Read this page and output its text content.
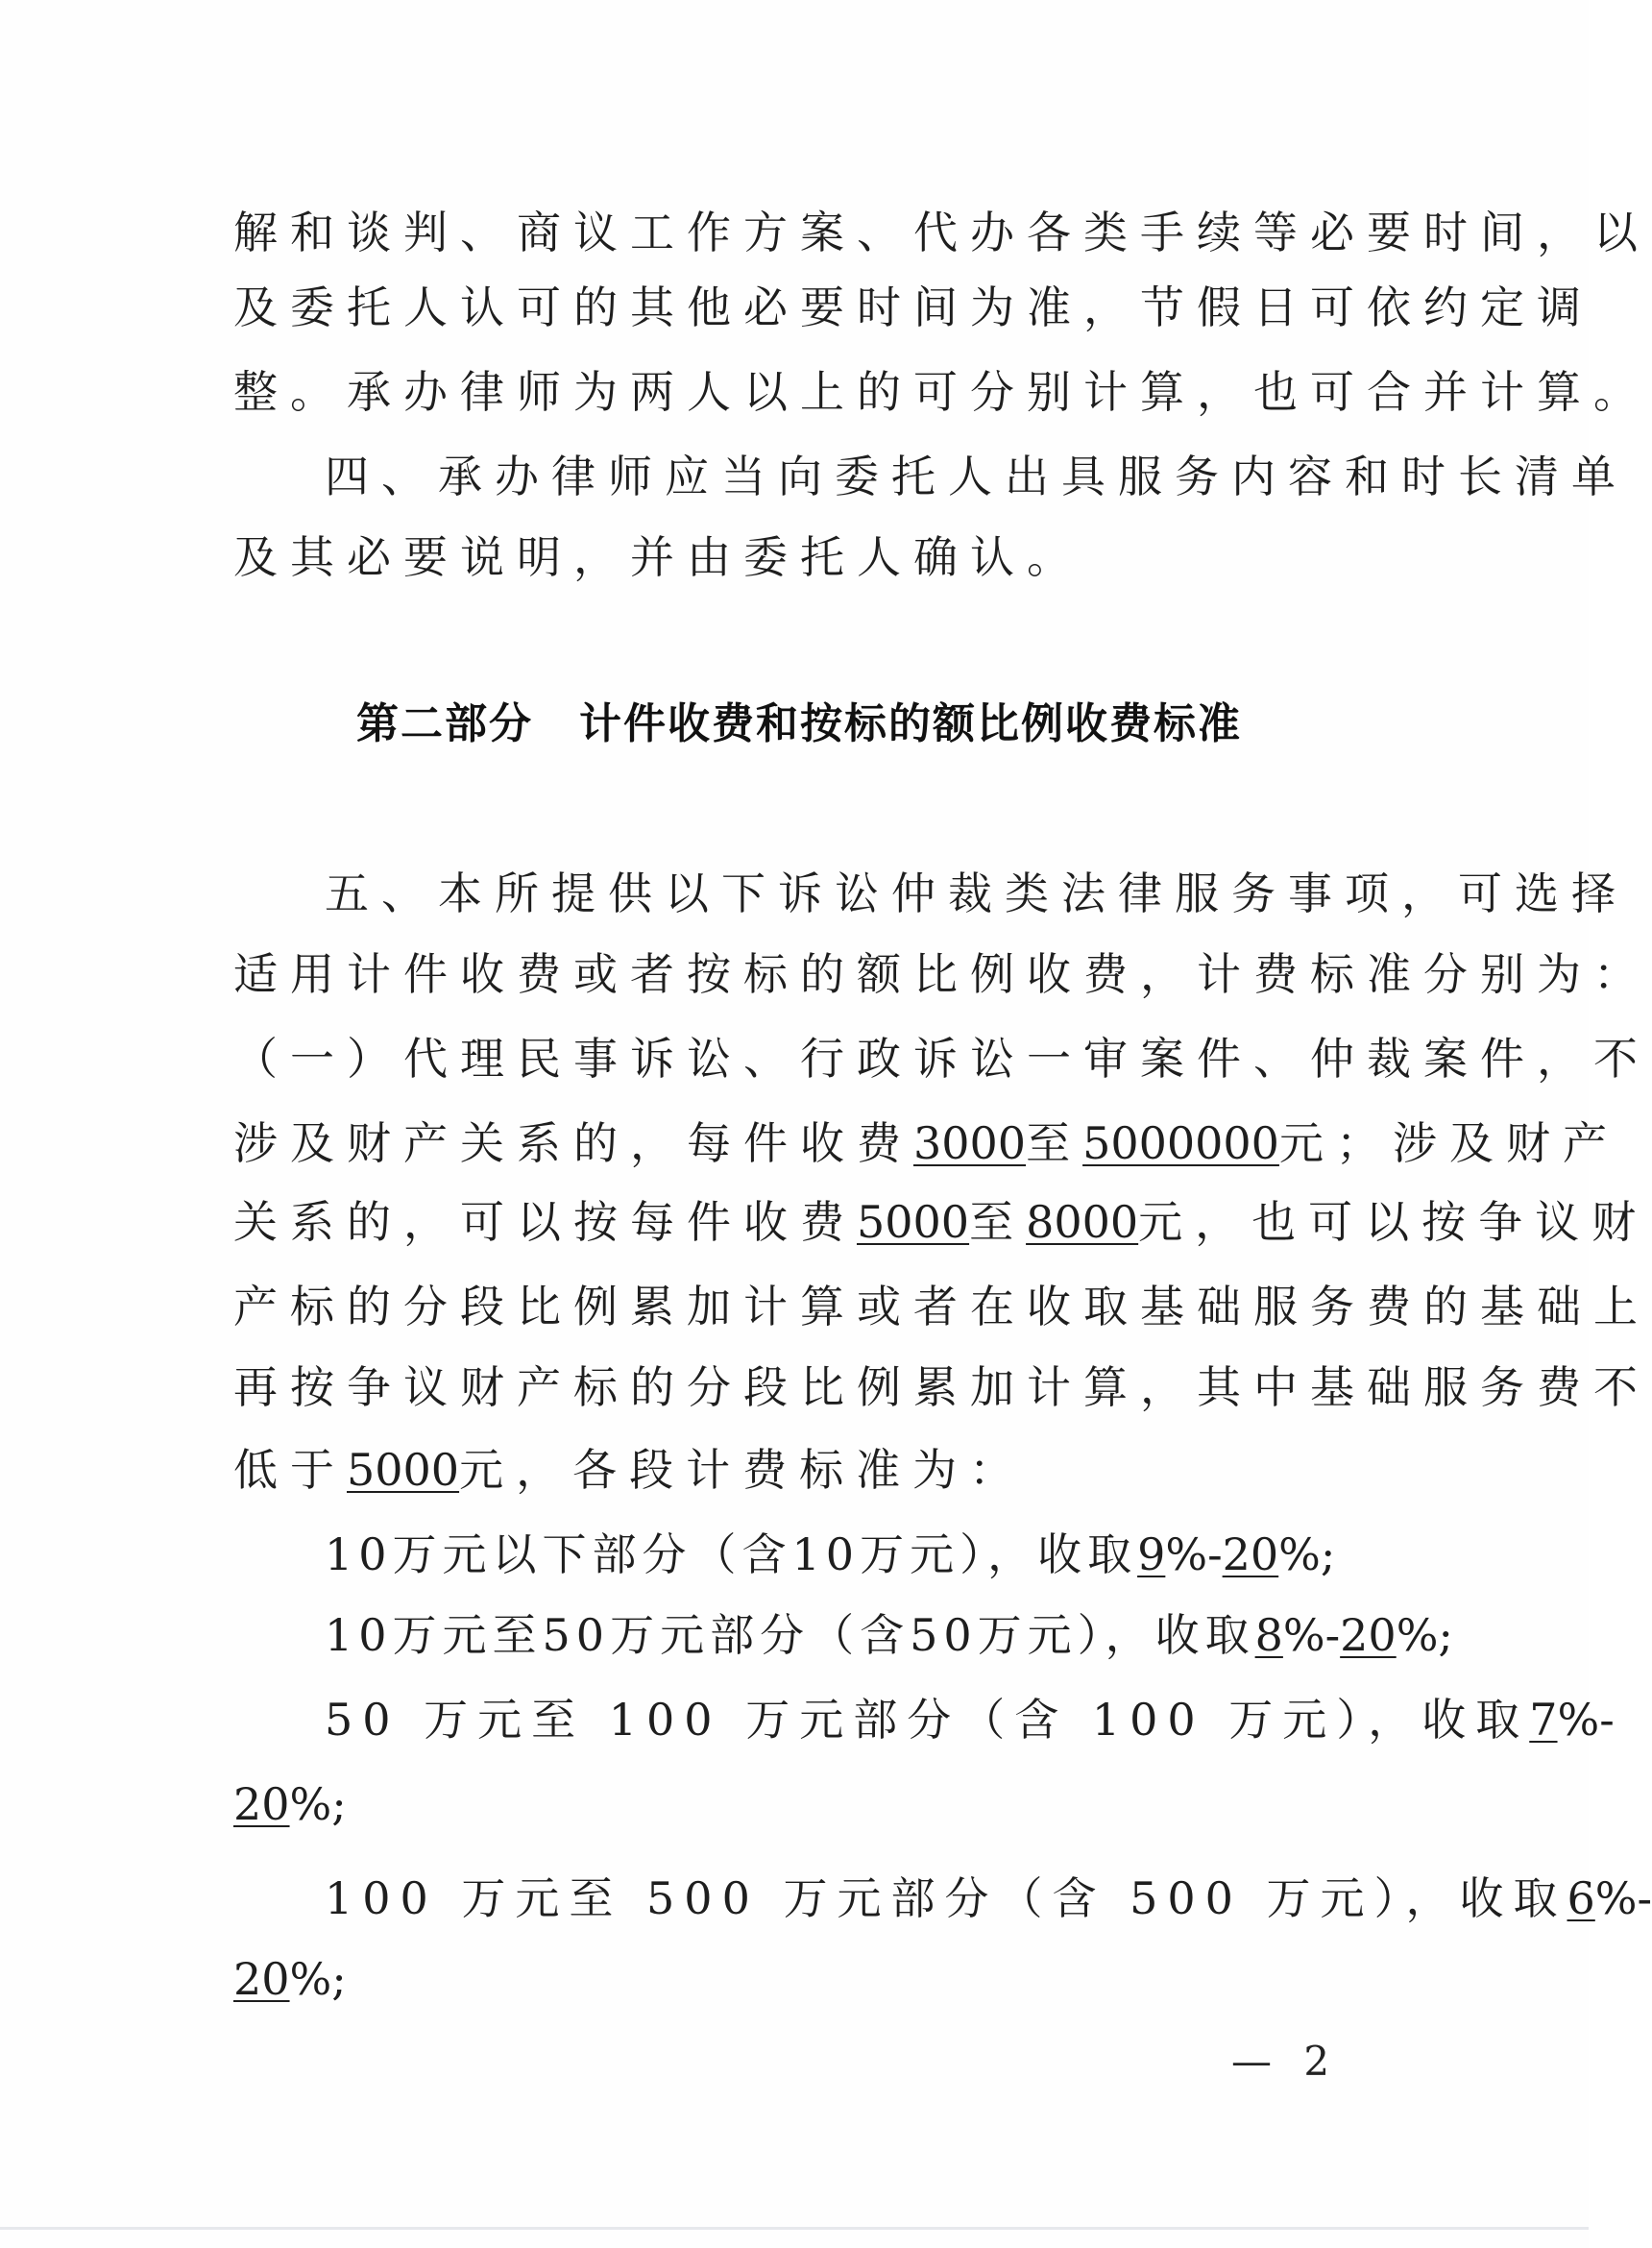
解和谈判、商议工作方案、代办各类手续等必要时间，以
及委托人认可的其他必要时间为准，节假日可依约定调
整。承办律师为两人以上的可分别计算，也可合并计算。
四、承办律师应当向委托人出具服务内容和时长清单
及其必要说明，并由委托人确认。
第二部分 计件收费和按标的额比例收费标准
五、本所提供以下诉讼仲裁类法律服务事项，可选择
适用计件收费或者按标的额比例收费，计费标准分别为：
（一）代理民事诉讼、行政诉讼一审案件、仲裁案件，不
涉及财产关系的，每件收费3000至5000000元；涉及财产
关系的，可以按每件收费5000至8000元，也可以按争议财
产标的分段比例累加计算或者在收取基础服务费的基础上
再按争议财产标的分段比例累加计算，其中基础服务费不
低于5000元，各段计费标准为：
10万元以下部分（含10万元），收取9%-20%;
10万元至50万元部分（含50万元），收取8%-20%;
50 万元至 100 万元部分（含 100 万元），收取7%-
20%;
100 万元至 500 万元部分（含 500 万元），收取6%-
20%;
— 2
